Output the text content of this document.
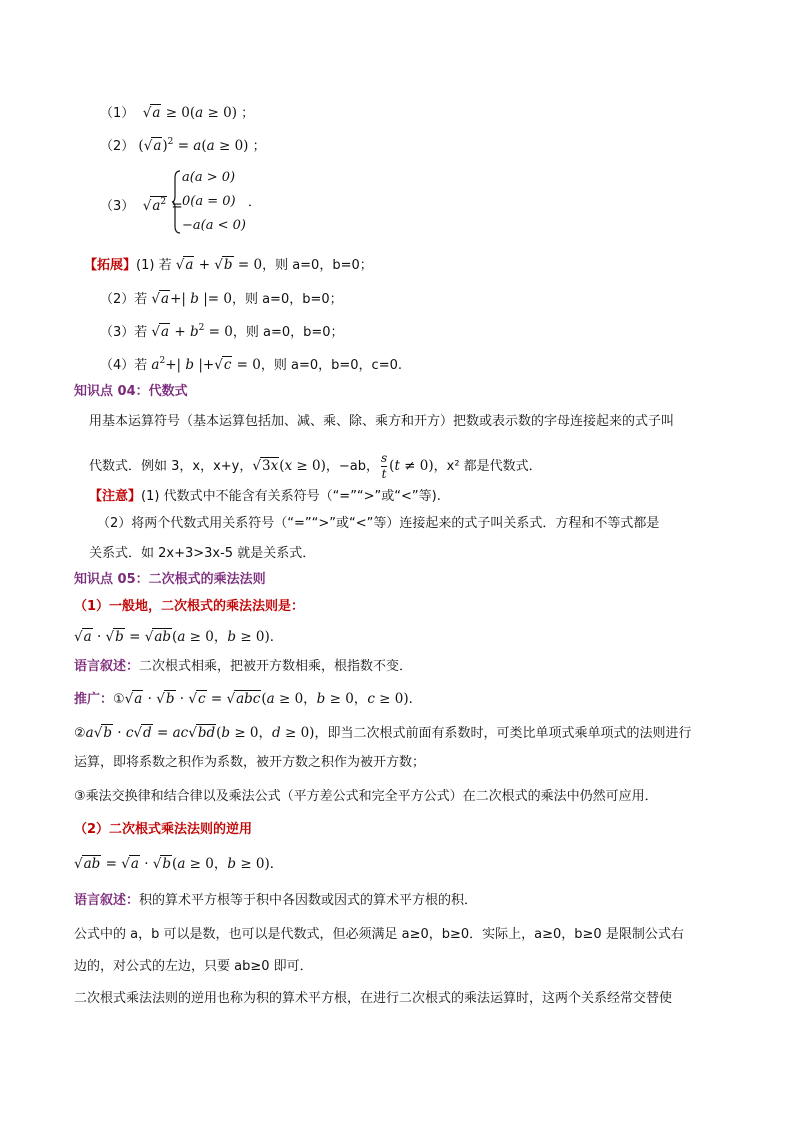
（1）  √a ≥ 0(a ≥ 0) ；
（2） $(√a)^2 = a(a \ge 0)$ ；
（3）  $√a^2$ =
a(a > 0)
0(a = 0)
−a(a < 0)
．
【拓展】(1) 若 √a + √b = 0，则 a=0，b=0；
（2）若 √a+| b |= 0，则 a=0，b=0；
（3）若 $√a + b^2 = 0$，则 a=0，b=0；
（4）若 $a^2+|$ b |+√c = 0，则 a=0，b=0，c=0.
知识点 04：代数式
用基本运算符号（基本运算包括加、减、乘、除、乘方和开方）把数或表示数的字母连接起来的式子叫
代数式．例如 3，x，x+y，√3x(x ≥ 0)，−ab， $\frac{s}{t} (t \ne 0)$，x² 都是代数式．
【注意】(1) 代数式中不能含有关系符号（“=”“>”或“<”等).
（2）将两个代数式用关系符号（“=”“>”或“<”等）连接起来的式子叫关系式．方程和不等式都是
关系式．如 2x+3>3x-5 就是关系式．
知识点 05：二次根式的乘法法则
（1）一般地，二次根式的乘法法则是：
√a · √b = √ab(a ≥ 0，b ≥ 0)．
语言叙述：二次根式相乘，把被开方数相乘，根指数不变．
推广：①√a · √b · √c = √abc(a ≥ 0，b ≥ 0，c ≥ 0)．
②a√b · c√d = ac√bd(b ≥ 0，d ≥ 0)，即当二次根式前面有系数时，可类比单项式乘单项式的法则进行
运算，即将系数之积作为系数，被开方数之积作为被开方数；
③乘法交换律和结合律以及乘法公式（平方差公式和完全平方公式）在二次根式的乘法中仍然可应用．
（2）二次根式乘法法则的逆用
√ab = √a · √b(a ≥ 0，b ≥ 0)．
语言叙述：积的算术平方根等于积中各因数或因式的算术平方根的积．
公式中的 a，b 可以是数，也可以是代数式，但必须满足 a≥0，b≥0．实际上，a≥0，b≥0 是限制公式右
边的，对公式的左边，只要 ab≥0 即可．
二次根式乘法法则的逆用也称为积的算术平方根，在进行二次根式的乘法运算时，这两个关系经常交替使
